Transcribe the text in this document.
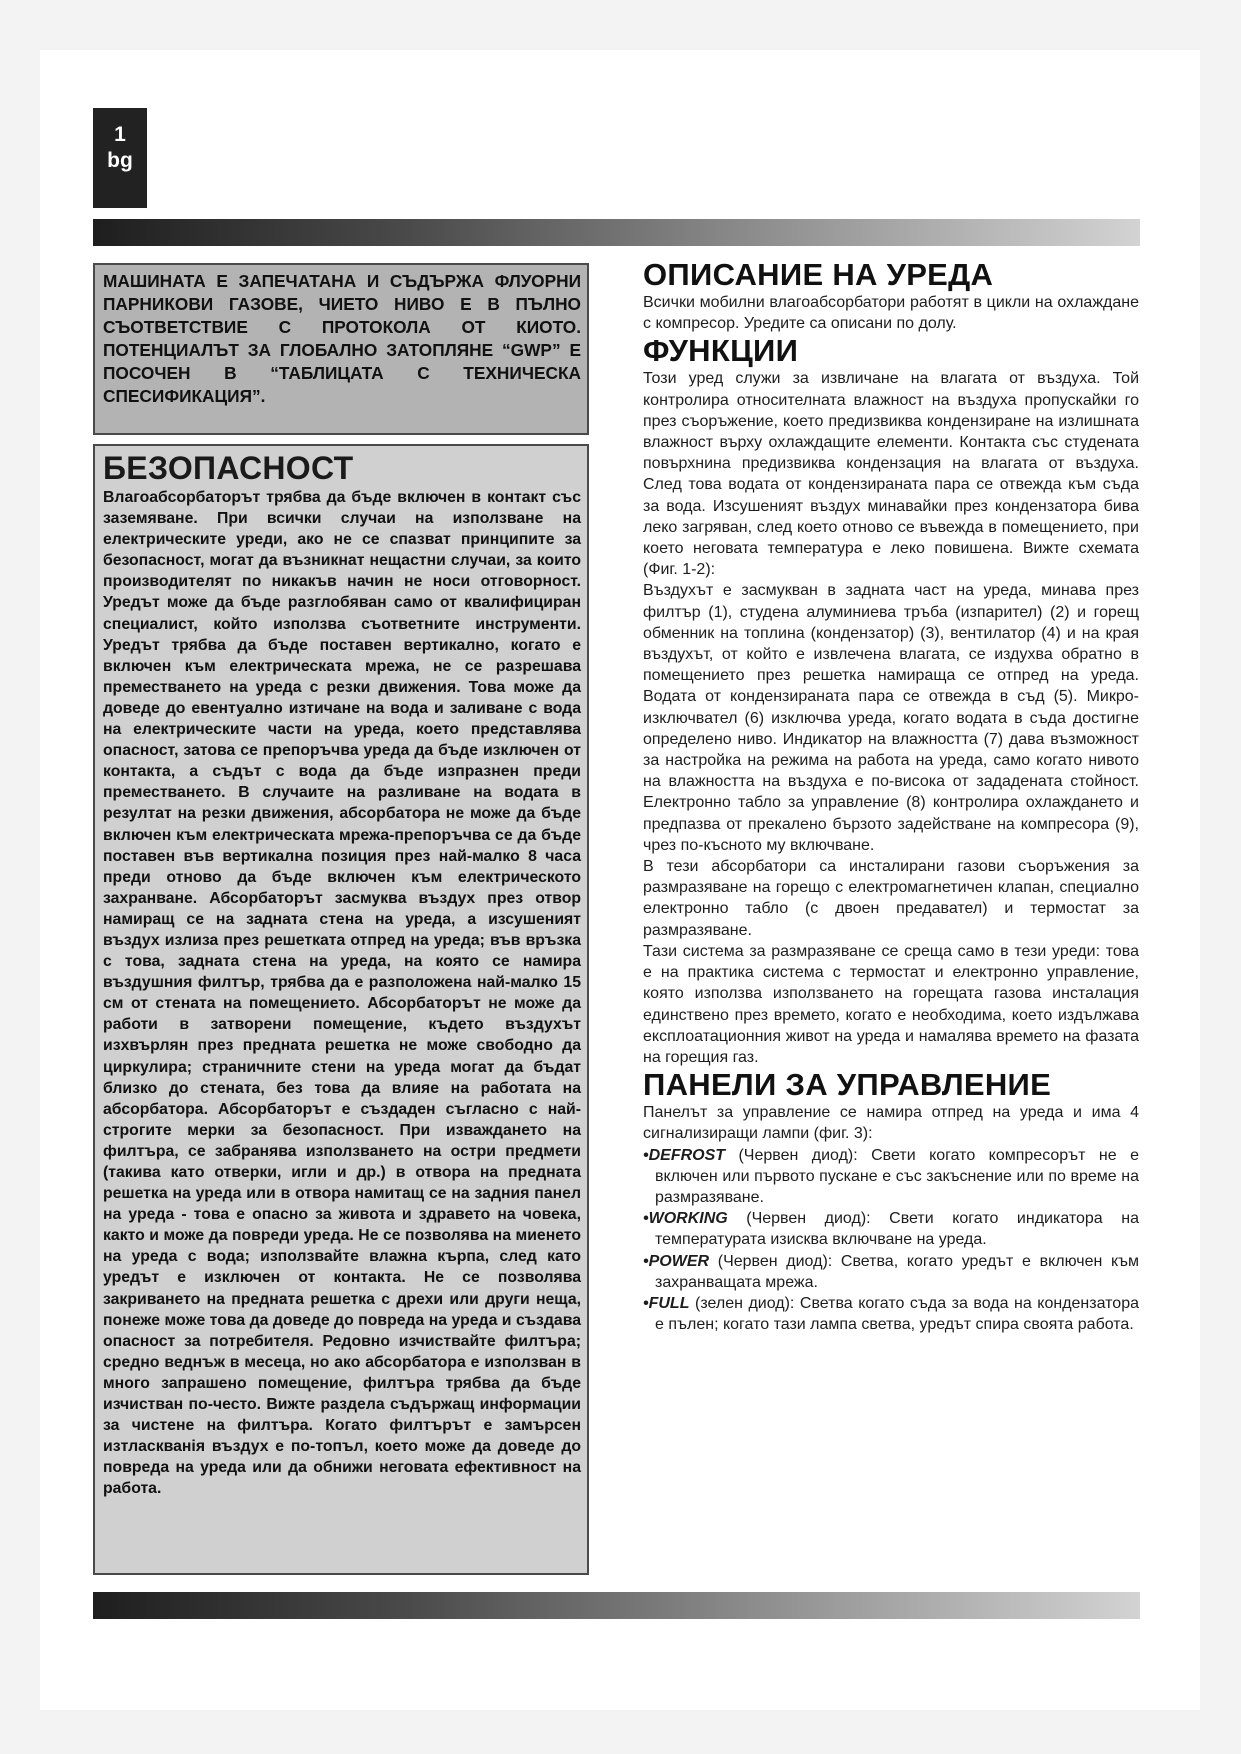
1
bg
МАШИНАТА Е ЗАПЕЧАТАНА И СЪДЪРЖА ФЛУОРНИ ПАРНИКОВИ ГАЗОВЕ, ЧИЕТО НИВО Е В ПЪЛНО СЪОТВЕТСТВИЕ С ПРОТОКОЛА ОТ КИОТО. ПОТЕНЦИАЛЪТ ЗА ГЛОБАЛНО ЗАТОПЛЯНЕ “GWP” Е ПОСОЧЕН В “ТАБЛИЦАТА С ТЕХНИЧЕСКА СПЕСИФИКАЦИЯ”.
БЕЗОПАСНОСТ

Влагоабсорбаторът трябва да бъде включен в контакт със заземяване. При всички случаи на използване на електрическите уреди, ако не се спазват принципите за безопасност, могат да възникнат нещастни случаи, за които производителят по никакъв начин не носи отговорност. Уредът може да бъде разглобяван само от квалифициран специалист, който използва съответните инструменти. Уредът трябва да бъде поставен вертикално, когато е включен към електрическата мрежа, не се разрешава преместването на уреда с резки движения. Това може да доведе до евентуално изтичане на вода и заливане с вода на електрическите части на уреда, което представлява опасност, затова се препоръчва уреда да бъде изключен от контакта, а съдът с вода да бъде изпразнен преди преместването. В случаите на разливане на водата в резултат на резки движения, абсорбатора не може да бъде включен към електрическата мрежа-препоръчва се да бъде поставен във вертикална позиция през най-малко 8 часа преди отново да бъде включен към електрическото захранване. Абсорбаторът засмуква въздух през отвор намиращ се на задната стена на уреда, а изсушеният въздух излиза през решетката отпред на уреда; във връзка с това, задната стена на уреда, на която се намира въздушния филтър, трябва да е разположена най-малко 15 см от стената на помещението. Абсорбаторът не може да работи в затворени помещение, където въздухът изхвърлян през предната решетка не може свободно да циркулира; страничните стени на уреда могат да бъдат близко до стената, без това да влияе на работата на абсорбатора. Абсорбаторът е създаден съгласно с най-строгите мерки за безопасност. При изваждането на филтъра, се забранява използването на остри предмети (такива като отверки, игли и др.) в отвора на предната решетка на уреда или в отвора намитащ се на задния панел на уреда - това е опасно за живота и здравето на човека, както и може да повреди уреда. Не се позволява на миенето на уреда с вода; използвайте влажна кърпа, след като уредът е изключен от контакта. Не се позволява закриването на предната решетка с дрехи или други неща, понеже може това да доведе до повреда на уреда и създава опасност за потребителя. Редовно изчиствайте филтъра; средно веднъж в месеца, но ако абсорбатора е използван в много запрашено помещение, филтъра трябва да бъде изчистван по-често. Вижте раздела съдържащ информации за чистене на филтъра. Когато филтърът е замърсен изтласкванія въздух е по-топъл, което може да доведе до повреда на уреда или да обнижи неговата ефективност на работа.

ОПИСАНИЕ НА УРЕДА

Всички мобилни влагоабсорбатори работят в цикли на охлаждане с компресор. Уредите са описани по долу.

ФУНКЦИИ

Този уред служи за извличане на влагата от въздуха. Той контролира относителната влажност на въздуха пропускайки го през съоръжение, което предизвиква кондензиране на излишната влажност върху охлаждащите елементи. Контакта със студената повърхнина предизвиква кондензация на влагата от въздуха. След това водата от кондензираната пара се отвежда към съда за вода. Изсушеният въздух минавайки през кондензатора бива леко загряван, след което отново се въвежда в помещението, при което неговата температура е леко повишена. Вижте схемата (Фиг. 1-2):

Въздухът е засмукван в задната част на уреда, минава през филтър (1), студена алуминиева тръба (изпарител) (2) и горещ обменник на топлина (кондензатор) (3), вентилатор (4) и на края въздухът, от който е извлечена влагата, се издухва обратно в помещението през решетка намираща се отпред на уреда. Водата от кондензираната пара се отвежда в съд (5). Микро-изключвател (6) изключва уреда, когато водата в съда достигне определено ниво. Индикатор на влажността (7) дава възможност за настройка на режима на работа на уреда, само когато нивото на влажността на въздуха е по-висока от зададената стойност. Електронно табло за управление (8) контролира охлаждането и предпазва от прекалено бързото задействане на компресора (9), чрез по-късното му включване.

В тези абсорбатори са инсталирани газови съоръжения за размразяване на горещо с електромагнетичен клапан, специално електронно табло (с двоен предавател) и термостат за размразяване.

Тази система за размразяване се среща само в тези уреди: това е на практика система с термостат и електронно управление, която използва използването на горещата газова инсталация единствено през времето, когато е необходима, което издължава експлоатационния живот на уреда и намалява времето на фазата на горещия газ.

ПАНЕЛИ ЗА УПРАВЛЕНИЕ

Панелът за управление се намира отпред на уреда и има 4 сигнализиращи лампи (фиг. 3):

•DEFROST (Червен диод): Свети когато компресорът не е включен или първото пускане е със закъснение или по време на размразяване.

•WORKING (Червен диод): Свети когато индикатора на температурата изисква включване на уреда.

•POWER (Червен диод): Светва, когато уредът е включен към захранващата мрежа.

•FULL (зелен диод): Светва когато съда за вода на кондензатора е пълен; когато тази лампа светва, уредът спира своята работа.
